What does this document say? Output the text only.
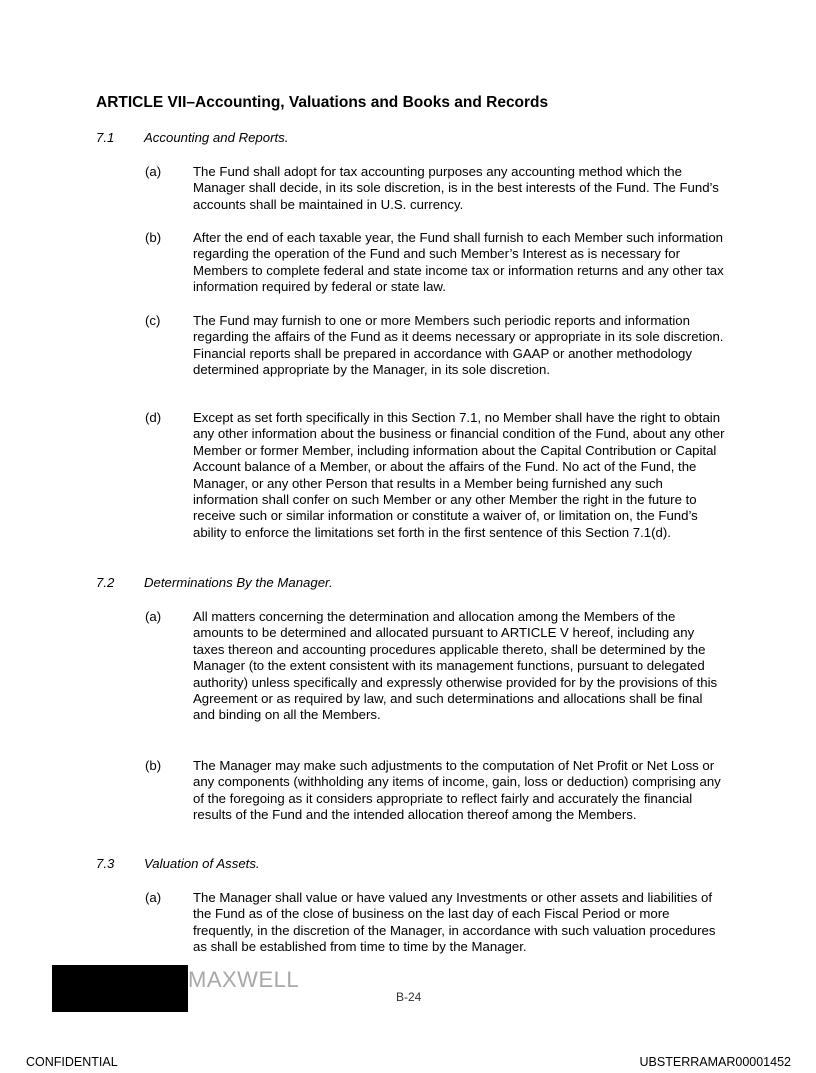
ARTICLE VII–Accounting, Valuations and Books and Records
7.1 Accounting and Reports.
(a) The Fund shall adopt for tax accounting purposes any accounting method which the Manager shall decide, in its sole discretion, is in the best interests of the Fund. The Fund’s accounts shall be maintained in U.S. currency.
(b) After the end of each taxable year, the Fund shall furnish to each Member such information regarding the operation of the Fund and such Member’s Interest as is necessary for Members to complete federal and state income tax or information returns and any other tax information required by federal or state law.
(c) The Fund may furnish to one or more Members such periodic reports and information regarding the affairs of the Fund as it deems necessary or appropriate in its sole discretion. Financial reports shall be prepared in accordance with GAAP or another methodology determined appropriate by the Manager, in its sole discretion.
(d) Except as set forth specifically in this Section 7.1, no Member shall have the right to obtain any other information about the business or financial condition of the Fund, about any other Member or former Member, including information about the Capital Contribution or Capital Account balance of a Member, or about the affairs of the Fund. No act of the Fund, the Manager, or any other Person that results in a Member being furnished any such information shall confer on such Member or any other Member the right in the future to receive such or similar information or constitute a waiver of, or limitation on, the Fund’s ability to enforce the limitations set forth in the first sentence of this Section 7.1(d).
7.2 Determinations By the Manager.
(a) All matters concerning the determination and allocation among the Members of the amounts to be determined and allocated pursuant to ARTICLE V hereof, including any taxes thereon and accounting procedures applicable thereto, shall be determined by the Manager (to the extent consistent with its management functions, pursuant to delegated authority) unless specifically and expressly otherwise provided for by the provisions of this Agreement or as required by law, and such determinations and allocations shall be final and binding on all the Members.
(b) The Manager may make such adjustments to the computation of Net Profit or Net Loss or any components (withholding any items of income, gain, loss or deduction) comprising any of the foregoing as it considers appropriate to reflect fairly and accurately the financial results of the Fund and the intended allocation thereof among the Members.
7.3 Valuation of Assets.
(a) The Manager shall value or have valued any Investments or other assets and liabilities of the Fund as of the close of business on the last day of each Fiscal Period or more frequently, in the discretion of the Manager, in accordance with such valuation procedures as shall be established from time to time by the Manager.
MAXWELL
B-24
CONFIDENTIAL	UBSTERRAMAR00001452
